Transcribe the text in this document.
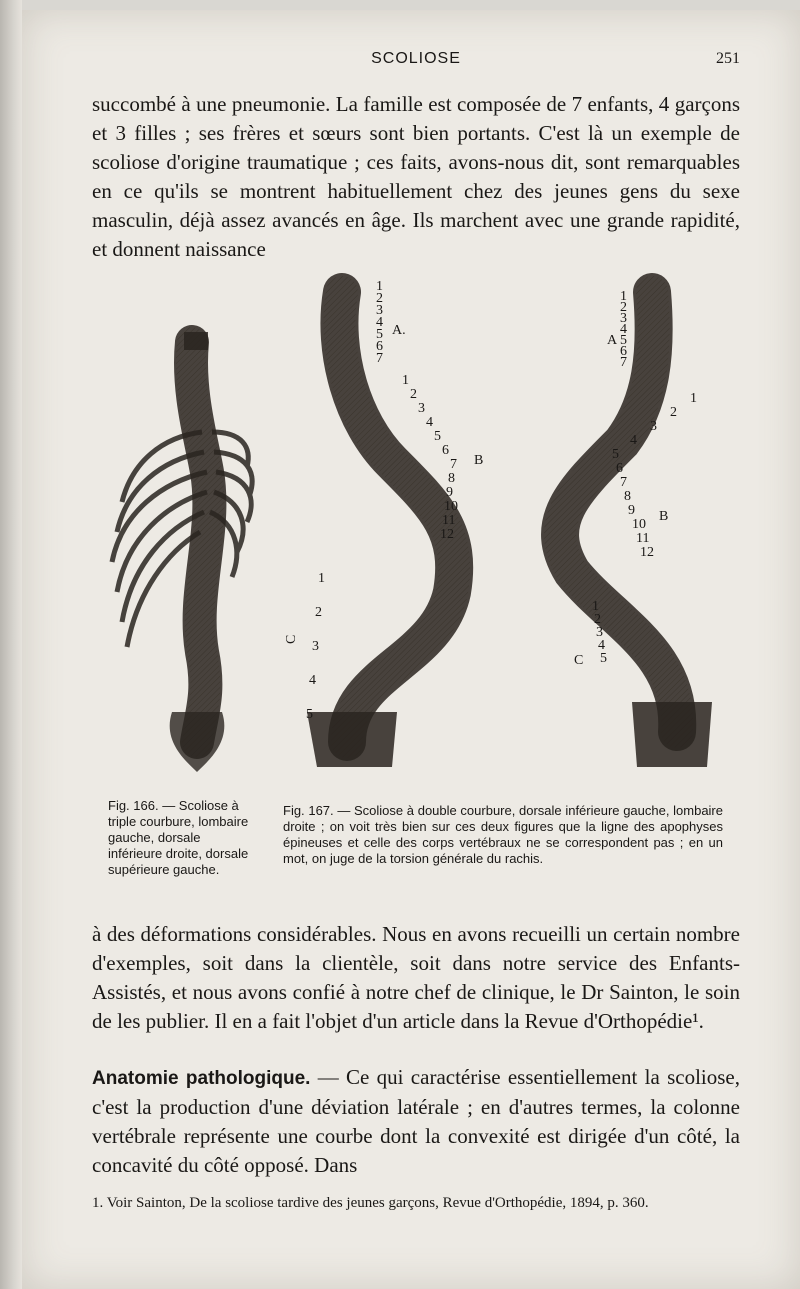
SCOLIOSE	251

succombé à une pneumonie. La famille est composée de 7 enfants, 4 garçons et 3 filles ; ses frères et sœurs sont bien portants. C'est là un exemple de scoliose d'origine traumatique ; ces faits, avons-nous dit, sont remarquables en ce qu'ils se montrent habituellement chez des jeunes gens du sexe masculin, déjà assez avancés en âge. Ils marchent avec une grande rapidité, et donnent naissance

A.
B
C
A
B
C
1
2
3
4
5
6
7
1
2
3
4
5
6
7
8
9
10
11
12
1
2
3
4
5
1
2
3
4
5
6
7
1
2
3
4
5
6
7
8
9
10
11
12
1
2
3
4
5

Fig. 166. — Scoliose à triple courbure, lombaire gauche, dorsale inférieure droite, dorsale supérieure gauche.

Fig. 167. — Scoliose à double courbure, dorsale inférieure gauche, lombaire droite ; on voit très bien sur ces deux figures que la ligne des apophyses épineuses et celle des corps vertébraux ne se correspondent pas ; en un mot, on juge de la torsion générale du rachis.

à des déformations considérables. Nous en avons recueilli un certain nombre d'exemples, soit dans la clientèle, soit dans notre service des Enfants-Assistés, et nous avons confié à notre chef de clinique, le Dr Sainton, le soin de les publier. Il en a fait l'objet d'un article dans la Revue d'Orthopédie¹.

Anatomie pathologique. — Ce qui caractérise essentiellement la scoliose, c'est la production d'une déviation latérale ; en d'autres termes, la colonne vertébrale représente une courbe dont la convexité est dirigée d'un côté, la concavité du côté opposé. Dans

1. Voir Sainton, De la scoliose tardive des jeunes garçons, Revue d'Orthopédie, 1894, p. 360.
